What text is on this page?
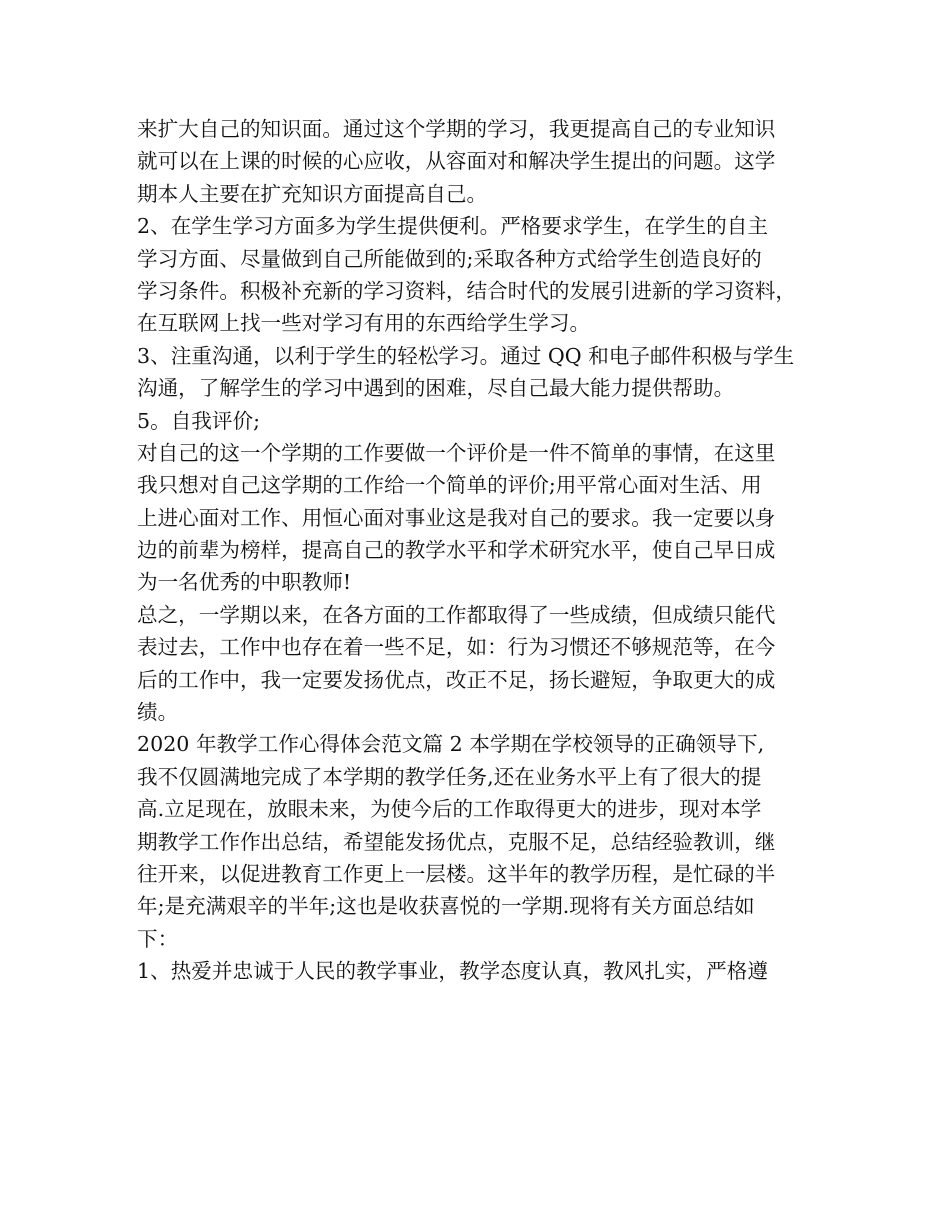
来扩大自己的知识面。通过这个学期的学习，我更提高自己的专业知识
就可以在上课的时候的心应收，从容面对和解决学生提出的问题。这学
期本人主要在扩充知识方面提高自己。
2、在学生学习方面多为学生提供便利。严格要求学生，在学生的自主
学习方面、尽量做到自己所能做到的;采取各种方式给学生创造良好的
学习条件。积极补充新的学习资料，结合时代的发展引进新的学习资料，
在互联网上找一些对学习有用的东西给学生学习。
3、注重沟通，以利于学生的轻松学习。通过 QQ 和电子邮件积极与学生
沟通，了解学生的学习中遇到的困难，尽自己最大能力提供帮助。
5。自我评价;
对自己的这一个学期的工作要做一个评价是一件不简单的事情，在这里
我只想对自己这学期的工作给一个简单的评价;用平常心面对生活、用
上进心面对工作、用恒心面对事业这是我对自己的要求。我一定要以身
边的前辈为榜样，提高自己的教学水平和学术研究水平，使自己早日成
为一名优秀的中职教师!
总之，一学期以来，在各方面的工作都取得了一些成绩，但成绩只能代
表过去，工作中也存在着一些不足，如：行为习惯还不够规范等，在今
后的工作中，我一定要发扬优点，改正不足，扬长避短，争取更大的成
绩。
2020 年教学工作心得体会范文篇 2 本学期在学校领导的正确领导下,
我不仅圆满地完成了本学期的教学任务,还在业务水平上有了很大的提
高.立足现在，放眼未来，为使今后的工作取得更大的进步，现对本学
期教学工作作出总结，希望能发扬优点，克服不足，总结经验教训，继
往开来，以促进教育工作更上一层楼。这半年的教学历程，是忙碌的半
年;是充满艰辛的半年;这也是收获喜悦的一学期.现将有关方面总结如
下：
1、热爱并忠诚于人民的教学事业，教学态度认真，教风扎实，严格遵
